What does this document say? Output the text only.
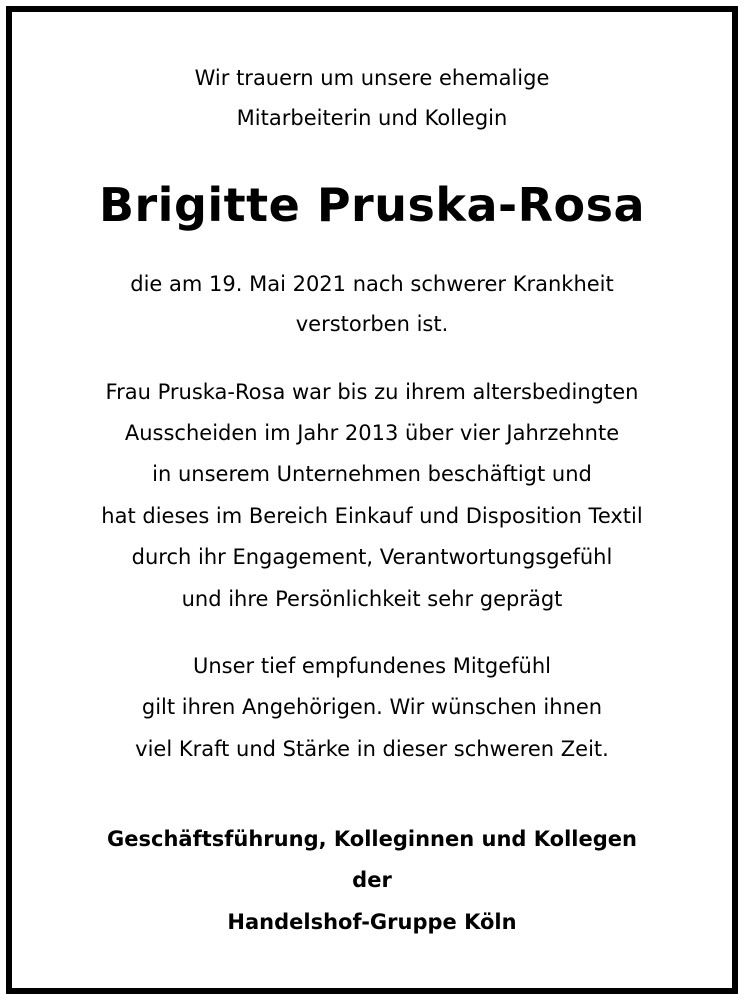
Wir trauern um unsere ehemalige
Mitarbeiterin und Kollegin
Brigitte Pruska-Rosa
die am 19. Mai 2021 nach schwerer Krankheit
verstorben ist.
Frau Pruska-Rosa war bis zu ihrem altersbedingten
Ausscheiden im Jahr 2013 über vier Jahrzehnte
in unserem Unternehmen beschäftigt und
hat dieses im Bereich Einkauf und Disposition Textil
durch ihr Engagement, Verantwortungsgefühl
und ihre Persönlichkeit sehr geprägt
Unser tief empfundenes Mitgefühl
gilt ihren Angehörigen. Wir wünschen ihnen
viel Kraft und Stärke in dieser schweren Zeit.
Geschäftsführung, Kolleginnen und Kollegen
der
Handelshof-Gruppe Köln
